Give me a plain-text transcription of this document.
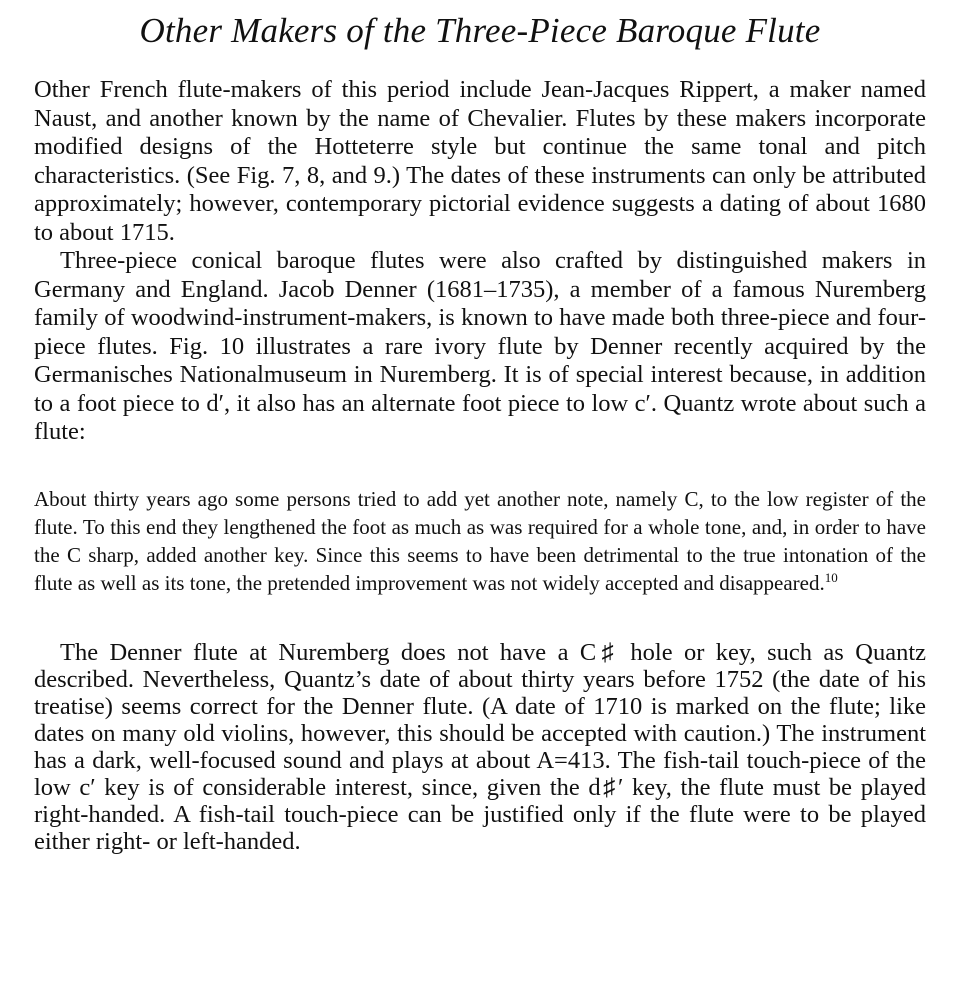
Other Makers of the Three-Piece Baroque Flute

Other French flute-makers of this period include Jean-Jacques Rippert, a maker named Naust, and another known by the name of Chevalier. Flutes by these makers incorporate modified designs of the Hotteterre style but continue the same tonal and pitch characteristics. (See Fig. 7, 8, and 9.) The dates of these instruments can only be attributed approximately; however, contemporary pictorial evidence suggests a dating of about 1680 to about 1715.

Three-piece conical baroque flutes were also crafted by distinguished makers in Germany and England. Jacob Denner (1681–1735), a member of a famous Nuremberg family of woodwind-instrument-makers, is known to have made both three-piece and four-piece flutes. Fig. 10 illustrates a rare ivory flute by Denner recently acquired by the Germanisches Nationalmuseum in Nuremberg. It is of special interest because, in addition to a foot piece to d′, it also has an alternate foot piece to low c′. Quantz wrote about such a flute:

About thirty years ago some persons tried to add yet another note, namely C, to the low register of the flute. To this end they lengthened the foot as much as was required for a whole tone, and, in order to have the C sharp, added another key. Since this seems to have been detrimental to the true intonation of the flute as well as its tone, the pretended improvement was not widely accepted and disappeared.$^{10}$

The Denner flute at Nuremberg does not have a C♯ hole or key, such as Quantz described. Nevertheless, Quantz’s date of about thirty years before 1752 (the date of his treatise) seems correct for the Denner flute. (A date of 1710 is marked on the flute; like dates on many old violins, however, this should be accepted with caution.) The instrument has a dark, well-focused sound and plays at about A=413. The fish-tail touch-piece of the low c′ key is of considerable interest, since, given the d♯′ key, the flute must be played right-handed. A fish-tail touch-piece can be justified only if the flute were to be played either right- or left-handed.
